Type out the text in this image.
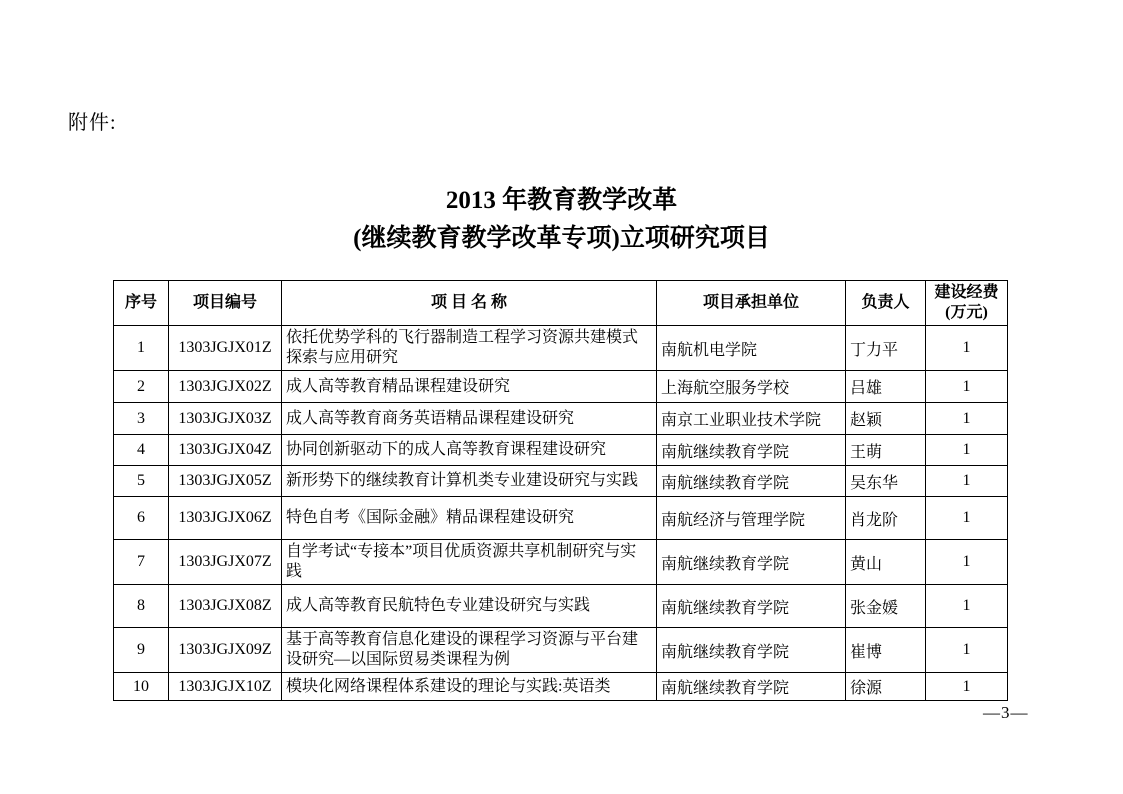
附件:
2013 年教育教学改革
(继续教育教学改革专项)立项研究项目
序号	项目编号	项 目 名 称	项目承担单位	负责人	建设经费
(万元)

1	1303JGJX01Z	依托优势学科的飞行器制造工程学习资源共建模式探索与应用研究	南航机电学院	丁力平	1
2	1303JGJX02Z	成人高等教育精品课程建设研究	上海航空服务学校	吕雄	1
3	1303JGJX03Z	成人高等教育商务英语精品课程建设研究	南京工业职业技术学院	赵颖	1
4	1303JGJX04Z	协同创新驱动下的成人高等教育课程建设研究	南航继续教育学院	王萌	1
5	1303JGJX05Z	新形势下的继续教育计算机类专业建设研究与实践	南航继续教育学院	吴东华	1
6	1303JGJX06Z	特色自考《国际金融》精品课程建设研究	南航经济与管理学院	肖龙阶	1
7	1303JGJX07Z	自学考试“专接本”项目优质资源共享机制研究与实践	南航继续教育学院	黄山	1
8	1303JGJX08Z	成人高等教育民航特色专业建设研究与实践	南航继续教育学院	张金媛	1
9	1303JGJX09Z	基于高等教育信息化建设的课程学习资源与平台建设研究—以国际贸易类课程为例	南航继续教育学院	崔博	1
10	1303JGJX10Z	模块化网络课程体系建设的理论与实践:英语类	南航继续教育学院	徐源	1
—3—
